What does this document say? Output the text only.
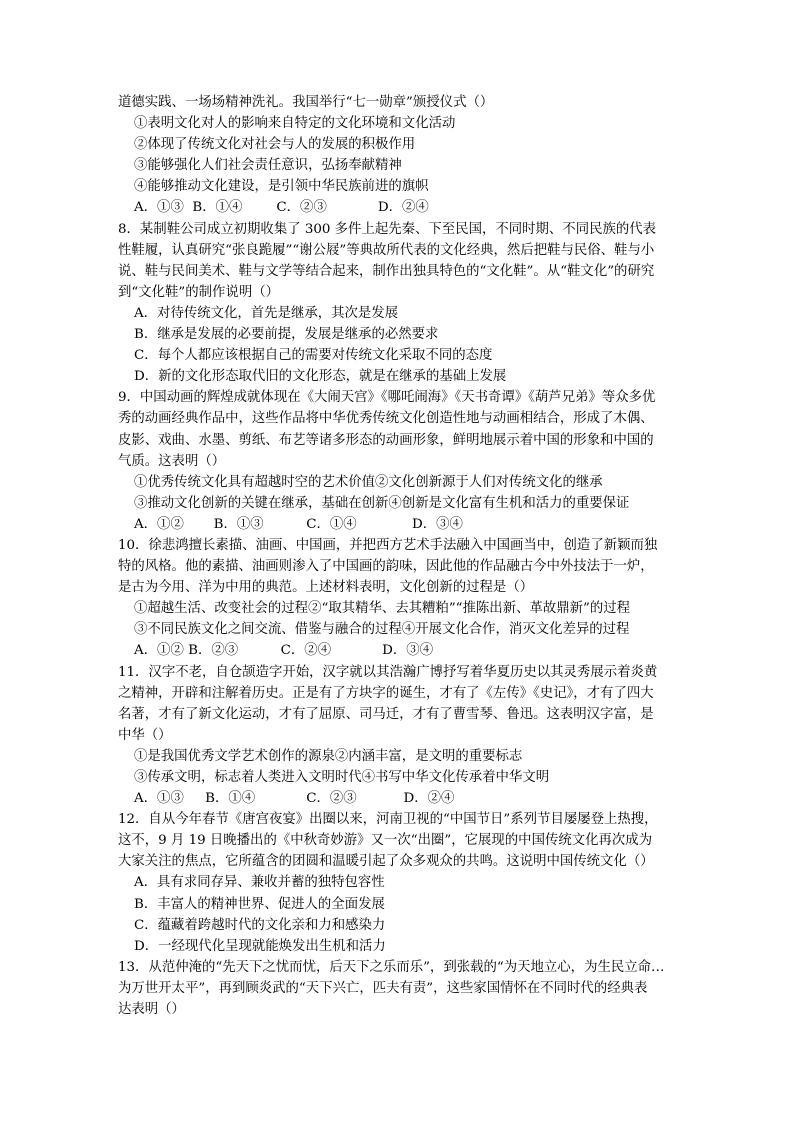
道德实践、一场场精神洗礼。我国举行“七一勋章”颁授仪式（）
①表明文化对人的影响来自特定的文化环境和文化活动
②体现了传统文化对社会与人的发展的积极作用
③能够强化人们社会责任意识，弘扬奉献精神
④能够推动文化建设，是引领中华民族前进的旗帜
A．①③  B．①④        C．②③            D．②④
8．某制鞋公司成立初期收集了 300 多件上起先秦、下至民国，不同时期、不同民族的代表
性鞋履，认真研究“张良跪履”“谢公屐”等典故所代表的文化经典，然后把鞋与民俗、鞋与小
说、鞋与民间美术、鞋与文学等结合起来，制作出独具特色的“文化鞋”。从“鞋文化”的研究
到“文化鞋”的制作说明（）
A．对待传统文化，首先是继承，其次是发展
B．继承是发展的必要前提，发展是继承的必然要求
C．每个人都应该根据自己的需要对传统文化采取不同的态度
D．新的文化形态取代旧的文化形态，就是在继承的基础上发展
9．中国动画的辉煌成就体现在《大闹天宫》《哪吒闹海》《天书奇谭》《葫芦兄弟》等众多优
秀的动画经典作品中，这些作品将中华优秀传统文化创造性地与动画相结合，形成了木偶、
皮影、戏曲、水墨、剪纸、布艺等诸多形态的动画形象，鲜明地展示着中国的形象和中国的
气质。这表明（）
①优秀传统文化具有超越时空的艺术价值②文化创新源于人们对传统文化的继承
③推动文化创新的关键在继承，基础在创新④创新是文化富有生机和活力的重要保证
A．①②       B．①③          C．①④             D．③④
10．徐悲鸿擅长素描、油画、中国画，并把西方艺术手法融入中国画当中，创造了新颖而独
特的风格。他的素描、油画则渗入了中国画的韵味，因此他的作品融古今中外技法于一炉，
是古为今用、洋为中用的典范。上述材料表明，文化创新的过程是（）
①超越生活、改变社会的过程②“取其精华、去其糟粕”“推陈出新、革故鼎新”的过程
③不同民族文化之间交流、借鉴与融合的过程④开展文化合作，消灭文化差异的过程
A．①② B．②③          C．②④            D．③④
11．汉字不老，自仓颉造字开始，汉字就以其浩瀚广博抒写着华夏历史以其灵秀展示着炎黄
之精神，开辟和注解着历史。正是有了方块字的诞生，才有了《左传》《史记》，才有了四大
名著，才有了新文化运动，才有了屈原、司马迁，才有了曹雪琴、鲁迅。这表明汉字富，是
中华（）
①是我国优秀文学艺术创作的源泉②内涵丰富，是文明的重要标志
③传承文明，标志着人类进入文明时代④书写中华文化传承着中华文明
A．①③     B．①④            C．②③           D．②④
12．自从今年春节《唐宫夜宴》出圈以来，河南卫视的“中国节日”系列节目屡屡登上热搜，
这不，9 月 19 日晚播出的《中秋奇妙游》又一次“出圈”，它展现的中国传统文化再次成为
大家关注的焦点，它所蕴含的团圆和温暖引起了众多观众的共鸣。这说明中国传统文化（）
A．具有求同存异、兼收并蓄的独特包容性
B．丰富人的精神世界、促进人的全面发展
C．蕴藏着跨越时代的文化亲和力和感染力
D．一经现代化呈现就能焕发出生机和活力
13．从范仲淹的“先天下之忧而忧，后天下之乐而乐”，到张载的“为天地立心，为生民立命…
为万世开太平”，再到顾炎武的“天下兴亡，匹夫有责”，这些家国情怀在不同时代的经典表
达表明（）
